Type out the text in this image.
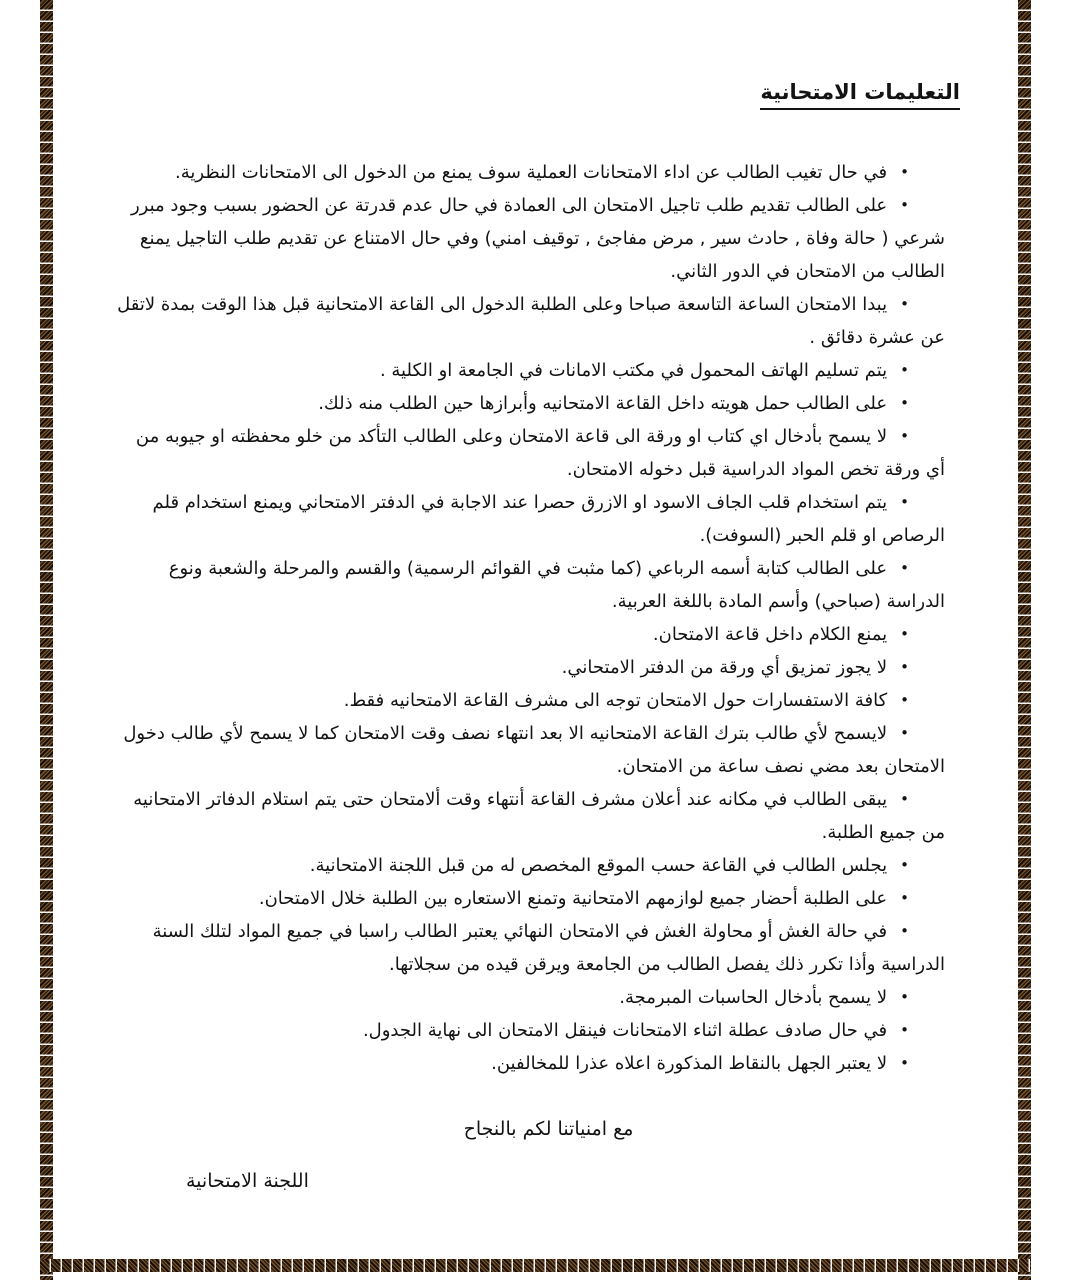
التعليمات الامتحانية
•في حال تغيب الطالب عن اداء الامتحانات العملية سوف يمنع من الدخول الى الامتحانات النظرية.
•على الطالب تقديم طلب تاجيل الامتحان الى العمادة في حال عدم قدرتة عن الحضور بسبب وجود مبرر شرعي ( حالة وفاة , حادث سير , مرض مفاجئ , توقيف امني) وفي حال الامتناع عن تقديم طلب التاجيل يمنع الطالب من الامتحان في الدور الثاني.
•يبدا الامتحان الساعة التاسعة صباحا وعلى الطلبة الدخول الى القاعة الامتحانية قبل هذا الوقت بمدة لاتقل عن عشرة دقائق .
•يتم تسليم الهاتف المحمول في مكتب الامانات في الجامعة او الكلية .
•على الطالب حمل هويته داخل القاعة الامتحانيه وأبرازها حين الطلب منه ذلك.
•لا يسمح بأدخال اي كتاب او ورقة الى قاعة الامتحان وعلى الطالب التأكد من خلو محفظته او جيوبه من أي ورقة تخص المواد الدراسية قبل دخوله الامتحان.
•يتم استخدام قلب الجاف الاسود او الازرق حصرا عند الاجابة في الدفتر الامتحاني ويمنع استخدام قلم الرصاص او قلم الحبر (السوفت).
•على الطالب كتابة أسمه الرباعي (كما مثبت في القوائم الرسمية) والقسم والمرحلة والشعبة ونوع الدراسة (صباحي) وأسم المادة باللغة العربية.
•يمنع الكلام داخل قاعة الامتحان.
•لا يجوز تمزيق أي ورقة من الدفتر الامتحاني.
•كافة الاستفسارات حول الامتحان توجه الى مشرف القاعة الامتحانيه فقط.
•لايسمح لأي طالب بترك القاعة الامتحانيه الا بعد انتهاء نصف وقت الامتحان كما لا يسمح لأي طالب دخول الامتحان بعد مضي نصف ساعة من الامتحان.
•يبقى الطالب في مكانه عند أعلان مشرف القاعة أنتهاء وقت ألامتحان حتى يتم استلام الدفاتر الامتحانيه من جميع الطلبة.
•يجلس الطالب في القاعة حسب الموقع المخصص له من قبل اللجنة الامتحانية.
•على الطلبة أحضار جميع لوازمهم الامتحانية وتمنع الاستعاره بين الطلبة خلال الامتحان.
•في حالة الغش أو محاولة الغش في الامتحان النهائي يعتبر الطالب راسبا في جميع المواد لتلك السنة الدراسية وأذا تكرر ذلك يفصل الطالب من الجامعة ويرقن قيده من سجلاتها.
•لا يسمح بأدخال الحاسبات المبرمجة.
•في حال صادف عطلة اثناء الامتحانات فينقل الامتحان الى نهاية الجدول.
•لا يعتبر الجهل بالنقاط المذكورة اعلاه عذرا للمخالفين.
مع امنياتنا لكم بالنجاح
اللجنة الامتحانية
